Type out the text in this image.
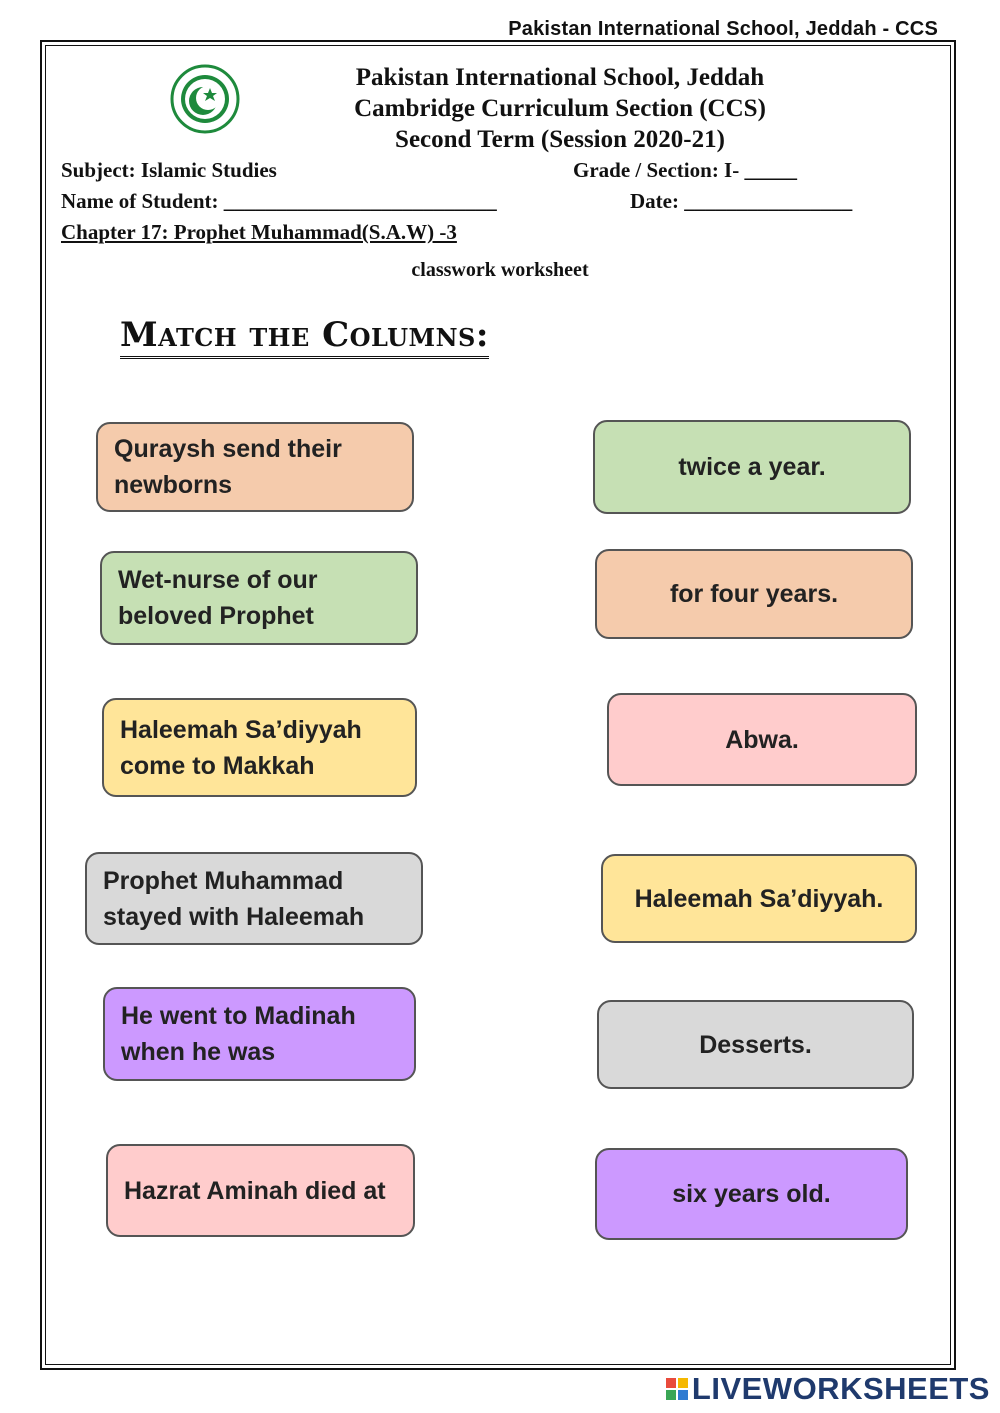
Pakistan International School, Jeddah - CCS
Pakistan International School, Jeddah
Cambridge Curriculum Section (CCS)
Second Term (Session 2020-21)
Subject: Islamic Studies	Grade / Section: I- _____
Name of Student: __________________________	Date: ________________
Chapter 17: Prophet Muhammad(S.A.W) -3
classwork worksheet
Match the Columns:
Quraysh send their newborns
Wet-nurse of our beloved Prophet
Haleemah Sa’diyyah come to Makkah
Prophet Muhammad stayed with Haleemah
He went to Madinah when he was
Hazrat Aminah died at
twice a year.
for four years.
Abwa.
Haleemah Sa’diyyah.
Desserts.
six years old.
LIVEWORKSHEETS
